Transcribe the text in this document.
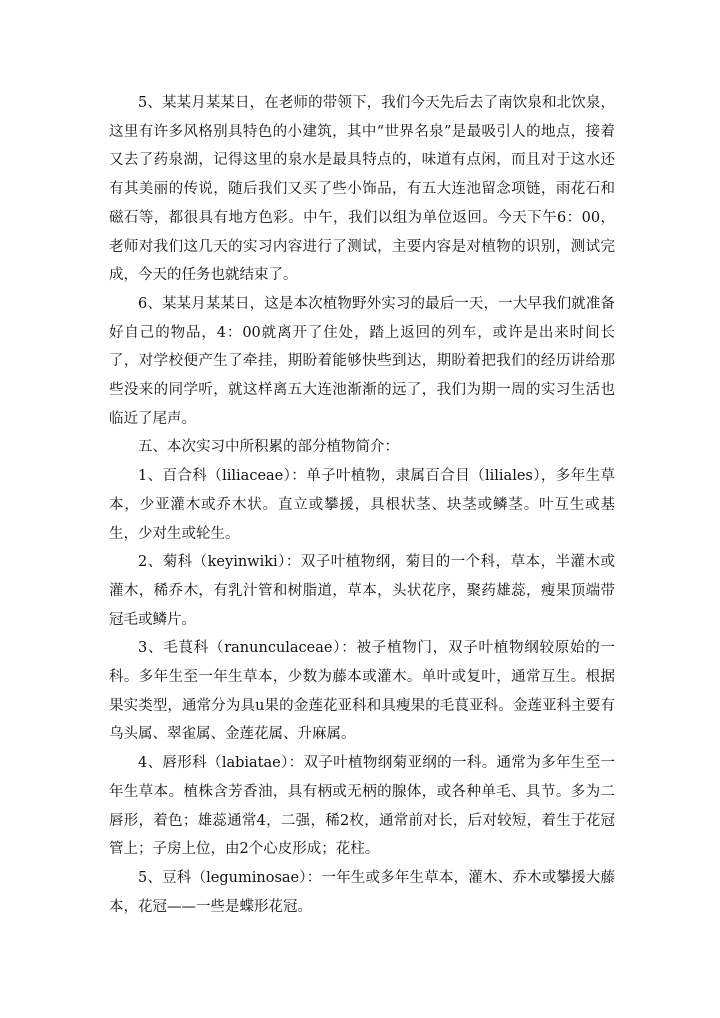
5、某某月某某日，在老师的带领下，我们今天先后去了南饮泉和北饮泉，这里有许多风格别具特色的小建筑，其中“世界名泉”是最吸引人的地点，接着又去了药泉湖，记得这里的泉水是最具特点的，味道有点闲，而且对于这水还有其美丽的传说，随后我们又买了些小饰品，有五大连池留念项链，雨花石和磁石等，都很具有地方色彩。中午，我们以组为单位返回。今天下午6：00，老师对我们这几天的实习内容进行了测试，主要内容是对植物的识别，测试完成，今天的任务也就结束了。

6、某某月某某日，这是本次植物野外实习的最后一天，一大早我们就准备好自己的物品，4：00就离开了住处，踏上返回的列车，或许是出来时间长了，对学校便产生了牵挂，期盼着能够快些到达，期盼着把我们的经历讲给那些没来的同学听，就这样离五大连池渐渐的远了，我们为期一周的实习生活也临近了尾声。

五、本次实习中所积累的部分植物简介：

1、百合科（liliaceae）：单子叶植物，隶属百合目（liliales），多年生草本，少亚灌木或乔木状。直立或攀援，具根状茎、块茎或鳞茎。叶互生或基生，少对生或轮生。

2、菊科（keyinwiki）：双子叶植物纲，菊目的一个科，草本，半灌木或灌木，稀乔木，有乳汁管和树脂道，草本，头状花序，聚药雄蕊，瘦果顶端带冠毛或鳞片。

3、毛茛科（ranunculaceae）：被子植物门，双子叶植物纲较原始的一科。多年生至一年生草本，少数为藤本或灌木。单叶或复叶，通常互生。根据果实类型，通常分为具u果的金莲花亚科和具瘦果的毛茛亚科。金莲亚科主要有乌头属、翠雀属、金莲花属、升麻属。

4、唇形科（labiatae）：双子叶植物纲菊亚纲的一科。通常为多年生至一年生草本。植株含芳香油，具有柄或无柄的腺体，或各种单毛、具节。多为二唇形，着色；雄蕊通常4，二强，稀2枚，通常前对长，后对较短，着生于花冠管上；子房上位，由2个心皮形成；花柱。

5、豆科（leguminosae）：一年生或多年生草本，灌木、乔木或攀援大藤本，花冠——一些是蝶形花冠。
